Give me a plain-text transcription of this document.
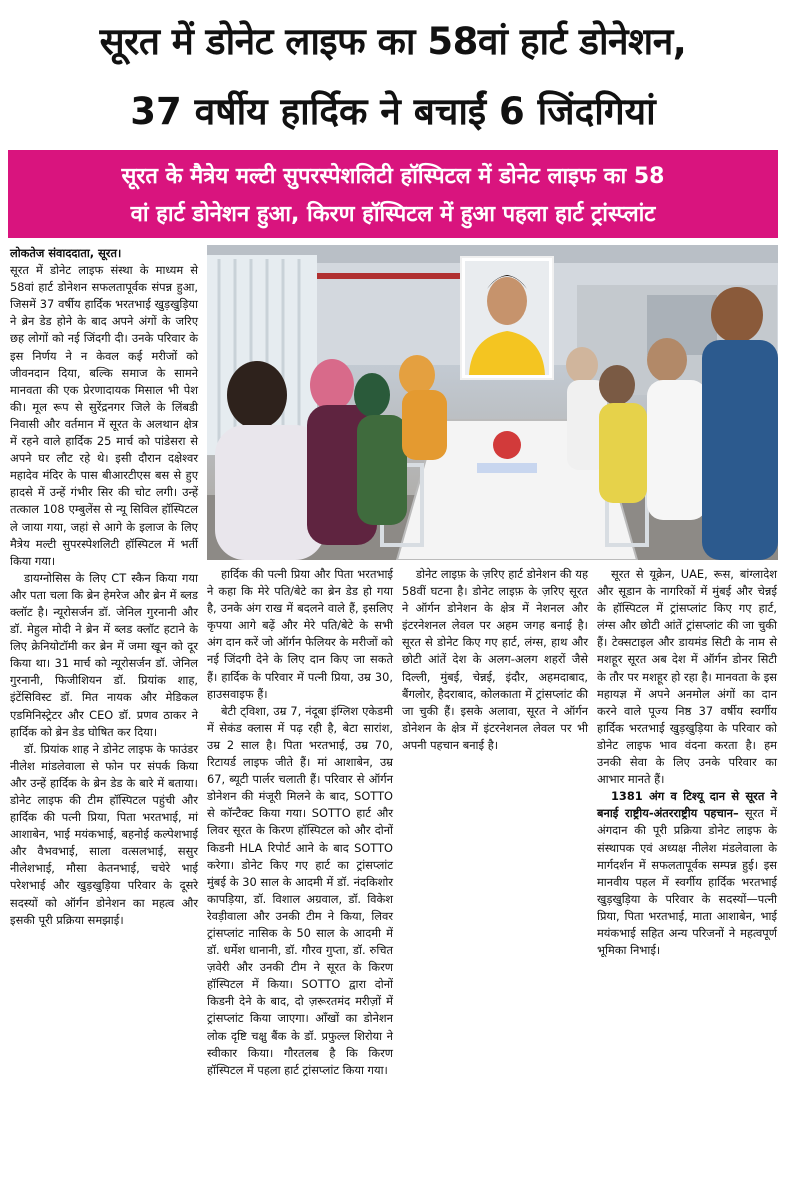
सूरत में डोनेट लाइफ का 58वां हार्ट डोनेशन,
37 वर्षीय हार्दिक ने बचाईं 6 जिंदगियां
सूरत के मैत्रेय मल्टी सुपरस्पेशलिटी हॉस्पिटल में डोनेट लाइफ का 58
वां हार्ट डोनेशन हुआ, किरण हॉस्पिटल में हुआ पहला हार्ट ट्रांस्प्लांट

लोकतेज संवाददाता, सूरत।

सूरत में डोनेट लाइफ संस्था के माध्यम से 58वां हार्ट डोनेशन सफलतापूर्वक संपन्न हुआ, जिसमें 37 वर्षीय हार्दिक भरतभाई खुड़खुड़िया ने ब्रेन डेड होने के बाद अपने अंगों के जरिए छह लोगों को नई जिंदगी दी। उनके परिवार के इस निर्णय ने न केवल कई मरीजों को जीवनदान दिया, बल्कि समाज के सामने मानवता की एक प्रेरणादायक मिसाल भी पेश की। मूल रूप से सुरेंद्रनगर जिले के लिंबडी निवासी और वर्तमान में सूरत के अलथान क्षेत्र में रहने वाले हार्दिक 25 मार्च को पांडेसरा से अपने घर लौट रहे थे। इसी दौरान दक्षेश्वर महादेव मंदिर के पास बीआरटीएस बस से हुए हादसे में उन्हें गंभीर सिर की चोट लगी। उन्हें तत्काल 108 एम्बुलेंस से न्यू सिविल हॉस्पिटल ले जाया गया, जहां से आगे के इलाज के लिए मैत्रेय मल्टी सुपरस्पेशलिटी हॉस्पिटल में भर्ती किया गया।

डायग्नोसिस के लिए CT स्कैन किया गया और पता चला कि ब्रेन हेमरेज और ब्रेन में ब्लड क्लॉट है। न्यूरोसर्जन डॉ. जेनिल गुरनानी और डॉ. मेहुल मोदी ने ब्रेन में ब्लड क्लॉट हटाने के लिए क्रेनियोटॉमी कर ब्रेन में जमा खून को दूर किया था। 31 मार्च को न्यूरोसर्जन डॉ. जेनिल गुरनानी, फिजीशियन डॉ. प्रियांक शाह, इंटेंसिविस्ट डॉ. मित नायक और मेडिकल एडमिनिस्ट्रेटर और CEO डॉ. प्रणव ठाकर ने हार्दिक को ब्रेन डेड घोषित कर दिया।

डॉ. प्रियांक शाह ने डोनेट लाइफ के फाउंडर नीलेश मांडलेवाला से फोन पर संपर्क किया और उन्हें हार्दिक के ब्रेन डेड के बारे में बताया। डोनेट लाइफ की टीम हॉस्पिटल पहुंची और हार्दिक की पत्नी प्रिया, पिता भरतभाई, मां आशाबेन, भाई मयंकभाई, बहनोई कल्पेशभाई और वैभवभाई, साला वत्सलभाई, ससुर नीलेशभाई, मौसा केतनभाई, चचेरे भाई परेशभाई और खुड़खुड़िया परिवार के दूसरे सदस्यों को ऑर्गन डोनेशन का महत्व और इसकी पूरी प्रक्रिया समझाई।

हार्दिक की पत्नी प्रिया और पिता भरतभाई ने कहा कि मेरे पति/बेटे का ब्रेन डेड हो गया है, उनके अंग राख में बदलने वाले हैं, इसलिए कृपया आगे बढ़ें और मेरे पति/बेटे के सभी अंग दान करें जो ऑर्गन फेलियर के मरीजों को नई जिंदगी देने के लिए दान किए जा सकते हैं। हार्दिक के परिवार में पत्नी प्रिया, उम्र 30, हाउसवाइफ हैं।

बेटी ट्विशा, उम्र 7, नंदूबा इंग्लिश एकेडमी में सेकंड क्लास में पढ़ रही है, बेटा सारांश, उम्र 2 साल है। पिता भरतभाई, उम्र 70, रिटायर्ड लाइफ जीते हैं। मां आशाबेन, उम्र 67, ब्यूटी पार्लर चलाती हैं। परिवार से ऑर्गन डोनेशन की मंजूरी मिलने के बाद, SOTTO से कॉन्टैक्ट किया गया। SOTTO हार्ट और लिवर सूरत के किरण हॉस्पिटल को और दोनों किडनी HLA रिपोर्ट आने के बाद SOTTO करेगा। डोनेट किए गए हार्ट का ट्रांसप्लांट मुंबई के 30 साल के आदमी में डॉ. नंदकिशोर कापड़िया, डॉ. विशाल अग्रवाल, डॉ. विकेश रेवड़ीवाला और उनकी टीम ने किया, लिवर ट्रांसप्लांट नासिक के 50 साल के आदमी में डॉ. धर्मेश धानानी, डॉ. गौरव गुप्ता, डॉ. रुचित ज़वेरी और उनकी टीम ने सूरत के किरण हॉस्पिटल में किया। SOTTO द्वारा दोनों किडनी देने के बाद, दो ज़रूरतमंद मरीज़ों में ट्रांसप्लांट किया जाएगा। आँखों का डोनेशन लोक दृष्टि चक्षु बैंक के डॉ. प्रफुल्ल शिरोया ने स्वीकार किया। गौरतलब है कि किरण हॉस्पिटल में पहला हार्ट ट्रांसप्लांट किया गया।

डोनेट लाइफ़ के ज़रिए हार्ट डोनेशन की यह 58वीं घटना है। डोनेट लाइफ़ के ज़रिए सूरत ने ऑर्गन डोनेशन के क्षेत्र में नेशनल और इंटरनेशनल लेवल पर अहम जगह बनाई है। सूरत से डोनेट किए गए हार्ट, लंग्स, हाथ और छोटी आंतें देश के अलग-अलग शहरों जैसे दिल्ली, मुंबई, चेन्नई, इंदौर, अहमदाबाद, बैंगलोर, हैदराबाद, कोलकाता में ट्रांसप्लांट की जा चुकी हैं। इसके अलावा, सूरत ने ऑर्गन डोनेशन के क्षेत्र में इंटरनेशनल लेवल पर भी अपनी पहचान बनाई है।

सूरत से यूक्रेन, UAE, रूस, बांग्लादेश और सूडान के नागरिकों में मुंबई और चेन्नई के हॉस्पिटल में ट्रांसप्लांट किए गए हार्ट, लंग्स और छोटी आंतें ट्रांसप्लांट की जा चुकी हैं। टेक्सटाइल और डायमंड सिटी के नाम से मशहूर सूरत अब देश में ऑर्गन डोनर सिटी के तौर पर मशहूर हो रहा है। मानवता के इस महायज्ञ में अपने अनमोल अंगों का दान करने वाले पूज्य निष्ठ 37 वर्षीय स्वर्गीय हार्दिक भरतभाई खुड़खुड़िया के परिवार को डोनेट लाइफ भाव वंदना करता है। हम उनकी सेवा के लिए उनके परिवार का आभार मानते हैं।

1381 अंग व टिश्यू दान से सूरत ने बनाई राष्ट्रीय-अंतरराष्ट्रीय पहचान– सूरत में अंगदान की पूरी प्रक्रिया डोनेट लाइफ के संस्थापक एवं अध्यक्ष नीलेश मंडलेवाला के मार्गदर्शन में सफलतापूर्वक सम्पन्न हुई। इस मानवीय पहल में स्वर्गीय हार्दिक भरतभाई खुड़खुड़िया के परिवार के सदस्यों—पत्नी प्रिया, पिता भरतभाई, माता आशाबेन, भाई मयंकभाई सहित अन्य परिजनों ने महत्वपूर्ण भूमिका निभाई।
